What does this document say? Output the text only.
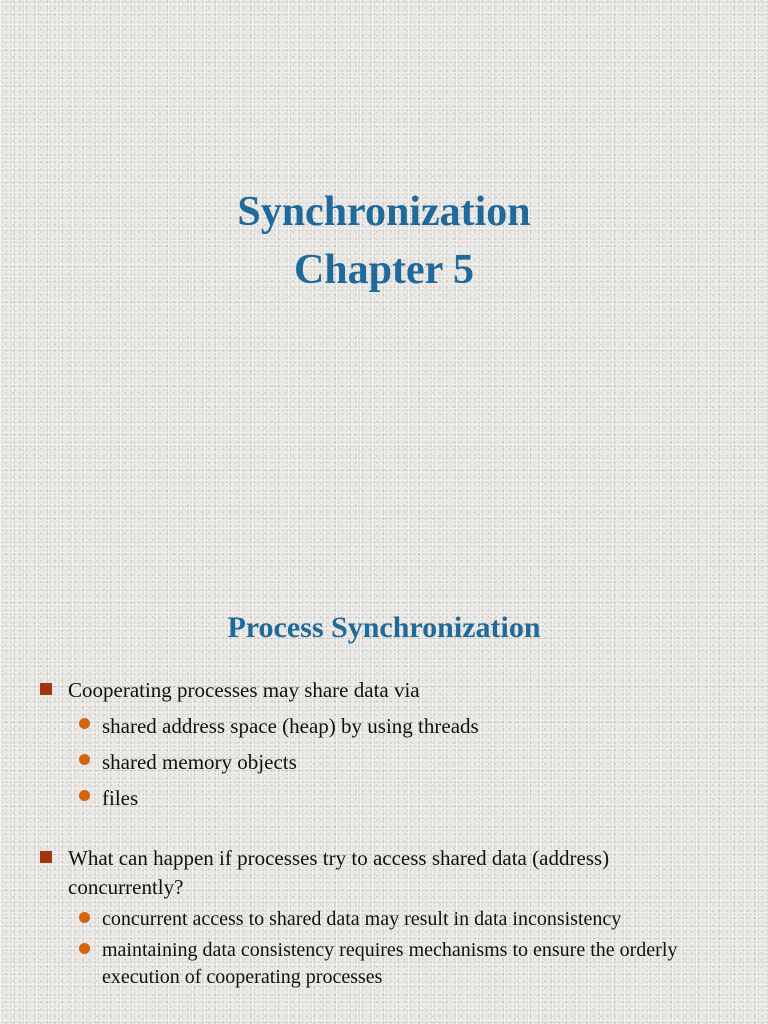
Synchronization
Chapter 5
Process Synchronization
Cooperating processes may share data via
shared address space (heap) by using threads
shared memory objects
files
What can happen if processes try to access shared data (address) concurrently?
concurrent access to shared data may result in data inconsistency
maintaining data consistency requires mechanisms to ensure the orderly execution of cooperating processes
